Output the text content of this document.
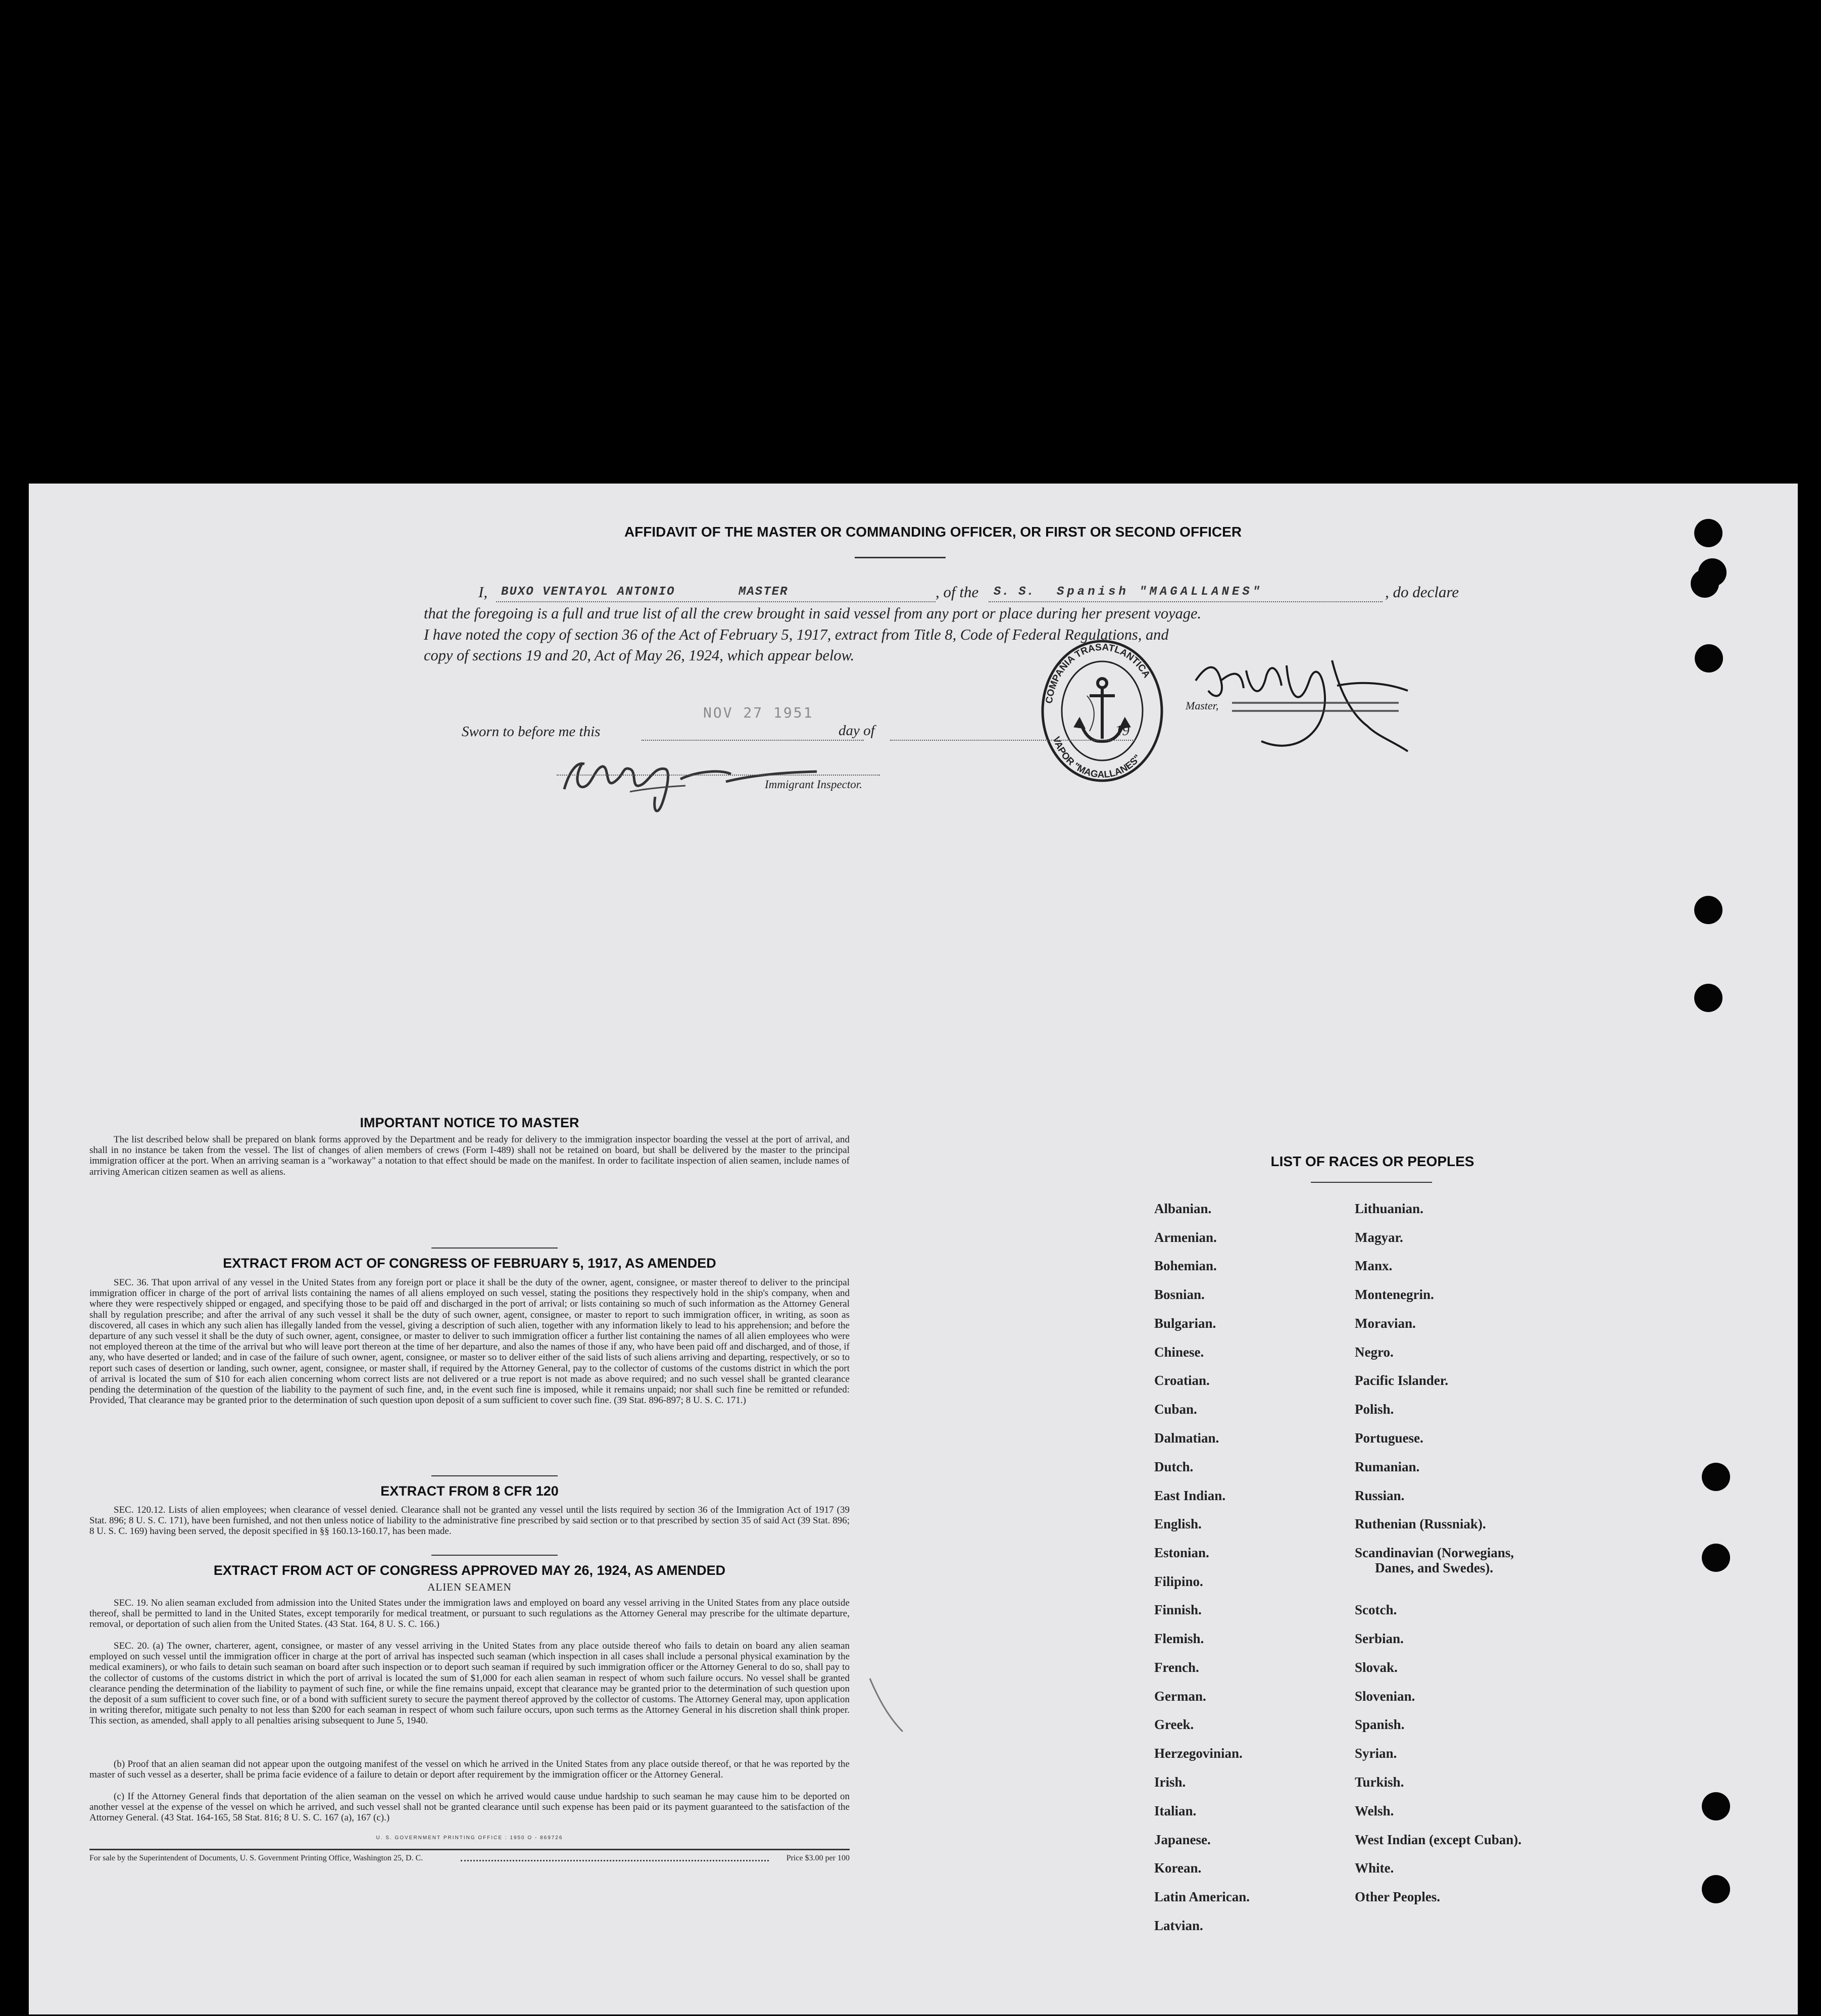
AFFIDAVIT OF THE MASTER OR COMMANDING OFFICER, OR FIRST OR SECOND OFFICER
I, BUXO VENTAYOL ANTONIO	MASTER	, of the S. S. Spanish "MAGALLANES"	, do declare
that the foregoing is a full and true list of all the crew brought in said vessel from any port or place during her present voyage.
I have noted the copy of section 36 of the Act of February 5, 1917, extract from Title 8, Code of Federal Regulations, and
copy of sections 19 and 20, Act of May 26, 1924, which appear below.
COMPAÑIA TRASATLANTICA
VAPOR "MAGALLANES"
Master,
Sworn to before me this
NOV 27 1951
day of	19
Immigrant Inspector.
IMPORTANT NOTICE TO MASTER
The list described below shall be prepared on blank forms approved by the Department and be ready for delivery to the immigration inspector boarding the vessel at the port of arrival, and shall in no instance be taken from the vessel. The list of changes of alien members of crews (Form I-489) shall not be retained on board, but shall be delivered by the master to the principal immigration officer at the port. When an arriving seaman is a "workaway" a notation to that effect should be made on the manifest. In order to facilitate inspection of alien seamen, include names of arriving American citizen seamen as well as aliens.
EXTRACT FROM ACT OF CONGRESS OF FEBRUARY 5, 1917, AS AMENDED
SEC. 36. That upon arrival of any vessel in the United States from any foreign port or place it shall be the duty of the owner, agent, consignee, or master thereof to deliver to the principal immigration officer in charge of the port of arrival lists containing the names of all aliens employed on such vessel, stating the positions they respectively hold in the ship's company, when and where they were respectively shipped or engaged, and specifying those to be paid off and discharged in the port of arrival; or lists containing so much of such information as the Attorney General shall by regulation prescribe; and after the arrival of any such vessel it shall be the duty of such owner, agent, consignee, or master to report to such immigration officer, in writing, as soon as discovered, all cases in which any such alien has illegally landed from the vessel, giving a description of such alien, together with any information likely to lead to his apprehension; and before the departure of any such vessel it shall be the duty of such owner, agent, consignee, or master to deliver to such immigration officer a further list containing the names of all alien employees who were not employed thereon at the time of the arrival but who will leave port thereon at the time of her departure, and also the names of those if any, who have been paid off and discharged, and of those, if any, who have deserted or landed; and in case of the failure of such owner, agent, consignee, or master so to deliver either of the said lists of such aliens arriving and departing, respectively, or so to report such cases of desertion or landing, such owner, agent, consignee, or master shall, if required by the Attorney General, pay to the collector of customs of the customs district in which the port of arrival is located the sum of $10 for each alien concerning whom correct lists are not delivered or a true report is not made as above required; and no such vessel shall be granted clearance pending the determination of the question of the liability to the payment of such fine, and, in the event such fine is imposed, while it remains unpaid; nor shall such fine be remitted or refunded: Provided, That clearance may be granted prior to the determination of such question upon deposit of a sum sufficient to cover such fine. (39 Stat. 896-897; 8 U. S. C. 171.)
EXTRACT FROM 8 CFR 120
SEC. 120.12. Lists of alien employees; when clearance of vessel denied. Clearance shall not be granted any vessel until the lists required by section 36 of the Immigration Act of 1917 (39 Stat. 896; 8 U. S. C. 171), have been furnished, and not then unless notice of liability to the administrative fine prescribed by said section or to that prescribed by section 35 of said Act (39 Stat. 896; 8 U. S. C. 169) having been served, the deposit specified in §§ 160.13-160.17, has been made.
EXTRACT FROM ACT OF CONGRESS APPROVED MAY 26, 1924, AS AMENDED
ALIEN SEAMEN
SEC. 19. No alien seaman excluded from admission into the United States under the immigration laws and employed on board any vessel arriving in the United States from any place outside thereof, shall be permitted to land in the United States, except temporarily for medical treatment, or pursuant to such regulations as the Attorney General may prescribe for the ultimate departure, removal, or deportation of such alien from the United States. (43 Stat. 164, 8 U. S. C. 166.)
SEC. 20. (a) The owner, charterer, agent, consignee, or master of any vessel arriving in the United States from any place outside thereof who fails to detain on board any alien seaman employed on such vessel until the immigration officer in charge at the port of arrival has inspected such seaman (which inspection in all cases shall include a personal physical examination by the medical examiners), or who fails to detain such seaman on board after such inspection or to deport such seaman if required by such immigration officer or the Attorney General to do so, shall pay to the collector of customs of the customs district in which the port of arrival is located the sum of $1,000 for each alien seaman in respect of whom such failure occurs. No vessel shall be granted clearance pending the determination of the liability to payment of such fine, or while the fine remains unpaid, except that clearance may be granted prior to the determination of such question upon the deposit of a sum sufficient to cover such fine, or of a bond with sufficient surety to secure the payment thereof approved by the collector of customs. The Attorney General may, upon application in writing therefor, mitigate such penalty to not less than $200 for each seaman in respect of whom such failure occurs, upon such terms as the Attorney General in his discretion shall think proper. This section, as amended, shall apply to all penalties arising subsequent to June 5, 1940.
(b) Proof that an alien seaman did not appear upon the outgoing manifest of the vessel on which he arrived in the United States from any place outside thereof, or that he was reported by the master of such vessel as a deserter, shall be prima facie evidence of a failure to detain or deport after requirement by the immigration officer or the Attorney General.
(c) If the Attorney General finds that deportation of the alien seaman on the vessel on which he arrived would cause undue hardship to such seaman he may cause him to be deported on another vessel at the expense of the vessel on which he arrived, and such vessel shall not be granted clearance until such expense has been paid or its payment guaranteed to the satisfaction of the Attorney General. (43 Stat. 164-165, 58 Stat. 816; 8 U. S. C. 167 (a), 167 (c).)
U. S. GOVERNMENT PRINTING OFFICE : 1950 O - 869726
For sale by the Superintendent of Documents, U. S. Government Printing Office, Washington 25, D. C.	Price $3.00 per 100
LIST OF RACES OR PEOPLES
Albanian.
Armenian.
Bohemian.
Bosnian.
Bulgarian.
Chinese.
Croatian.
Cuban.
Dalmatian.
Dutch.
East Indian.
English.
Estonian.
Filipino.
Finnish.
Flemish.
French.
German.
Greek.
Herzegovinian.
Irish.
Italian.
Japanese.
Korean.
Latin American.
Latvian.
Lithuanian.
Magyar.
Manx.
Montenegrin.
Moravian.
Negro.
Pacific Islander.
Polish.
Portuguese.
Rumanian.
Russian.
Ruthenian (Russniak).
Scandinavian (Norwegians,
Danes, and Swedes).
Scotch.
Serbian.
Slovak.
Slovenian.
Spanish.
Syrian.
Turkish.
Welsh.
West Indian (except Cuban).
White.
Other Peoples.
